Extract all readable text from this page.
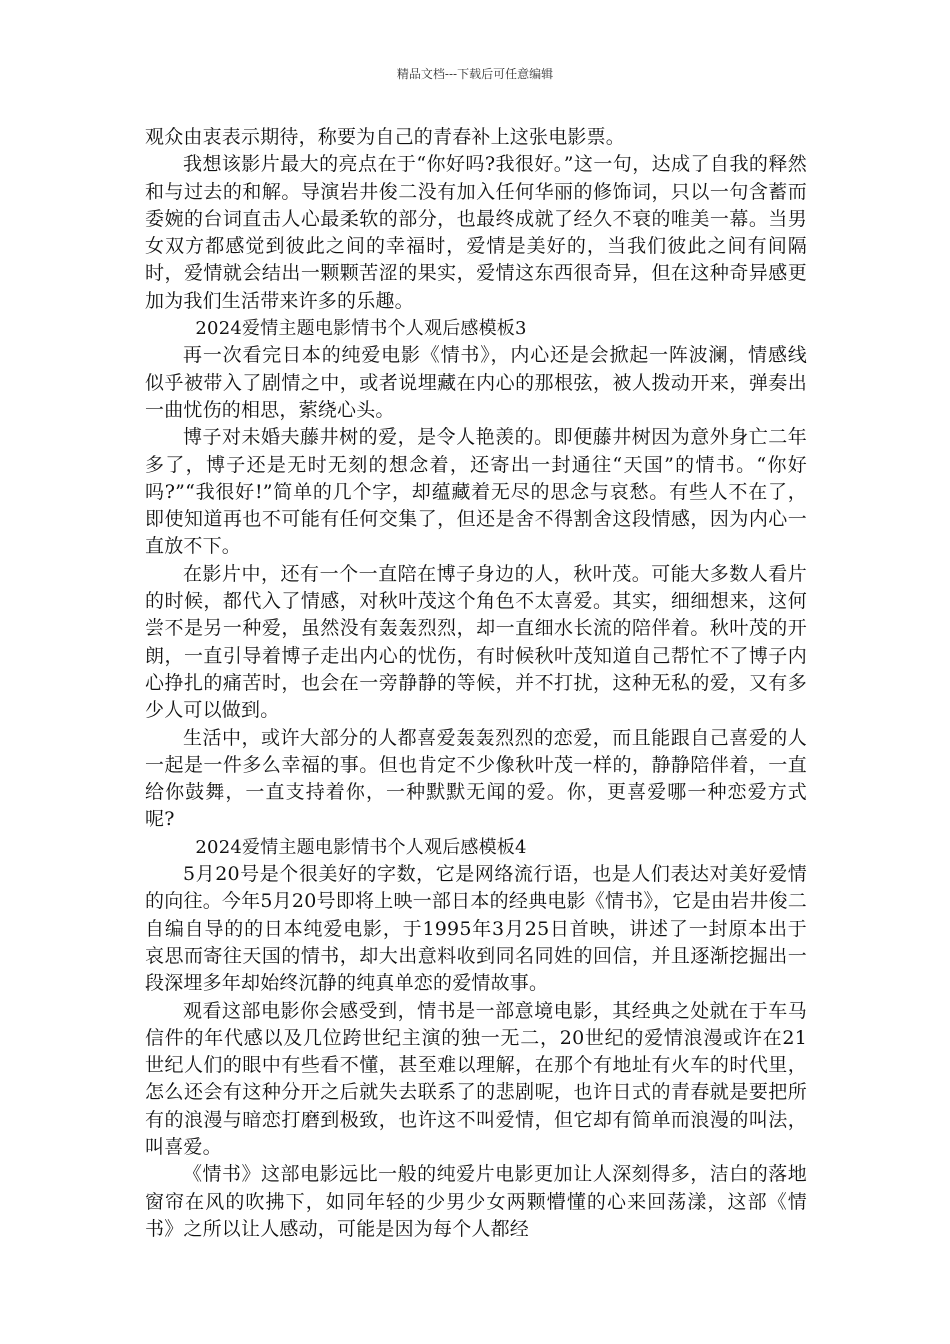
精品文档---下载后可任意编辑

观众由衷表示期待，称要为自己的青春补上这张电影票。

我想该影片最大的亮点在于“你好吗?我很好。”这一句，达成了自我的释然和与过去的和解。导演岩井俊二没有加入任何华丽的修饰词，只以一句含蓄而委婉的台词直击人心最柔软的部分，也最终成就了经久不衰的唯美一幕。当男女双方都感觉到彼此之间的幸福时，爱情是美好的，当我们彼此之间有间隔时，爱情就会结出一颗颗苦涩的果实，爱情这东西很奇异，但在这种奇异感更加为我们生活带来许多的乐趣。

2024爱情主题电影情书个人观后感模板3

再一次看完日本的纯爱电影《情书》，内心还是会掀起一阵波澜，情感线似乎被带入了剧情之中，或者说埋藏在内心的那根弦，被人拨动开来，弹奏出一曲忧伤的相思，萦绕心头。

博子对未婚夫藤井树的爱，是令人艳羡的。即便藤井树因为意外身亡二年多了，博子还是无时无刻的想念着，还寄出一封通往“天国”的情书。“你好吗?”“我很好!”简单的几个字，却蕴藏着无尽的思念与哀愁。有些人不在了，即使知道再也不可能有任何交集了，但还是舍不得割舍这段情感，因为内心一直放不下。

在影片中，还有一个一直陪在博子身边的人，秋叶茂。可能大多数人看片的时候，都代入了情感，对秋叶茂这个角色不太喜爱。其实，细细想来，这何尝不是另一种爱，虽然没有轰轰烈烈，却一直细水长流的陪伴着。秋叶茂的开朗，一直引导着博子走出内心的忧伤，有时候秋叶茂知道自己帮忙不了博子内心挣扎的痛苦时，也会在一旁静静的等候，并不打扰，这种无私的爱，又有多少人可以做到。

生活中，或许大部分的人都喜爱轰轰烈烈的恋爱，而且能跟自己喜爱的人一起是一件多么幸福的事。但也肯定不少像秋叶茂一样的，静静陪伴着，一直给你鼓舞，一直支持着你，一种默默无闻的爱。你，更喜爱哪一种恋爱方式呢?

2024爱情主题电影情书个人观后感模板4

5月20号是个很美好的字数，它是网络流行语，也是人们表达对美好爱情的向往。今年5月20号即将上映一部日本的经典电影《情书》，它是由岩井俊二自编自导的的日本纯爱电影，于1995年3月25日首映，讲述了一封原本出于哀思而寄往天国的情书，却大出意料收到同名同姓的回信，并且逐渐挖掘出一段深埋多年却始终沉静的纯真单恋的爱情故事。

观看这部电影你会感受到，情书是一部意境电影，其经典之处就在于车马信件的年代感以及几位跨世纪主演的独一无二，20世纪的爱情浪漫或许在21世纪人们的眼中有些看不懂，甚至难以理解，在那个有地址有火车的时代里，怎么还会有这种分开之后就失去联系了的悲剧呢，也许日式的青春就是要把所有的浪漫与暗恋打磨到极致，也许这不叫爱情，但它却有简单而浪漫的叫法，叫喜爱。

《情书》这部电影远比一般的纯爱片电影更加让人深刻得多，洁白的落地窗帘在风的吹拂下，如同年轻的少男少女两颗懵懂的心来回荡漾，这部《情书》之所以让人感动，可能是因为每个人都经
